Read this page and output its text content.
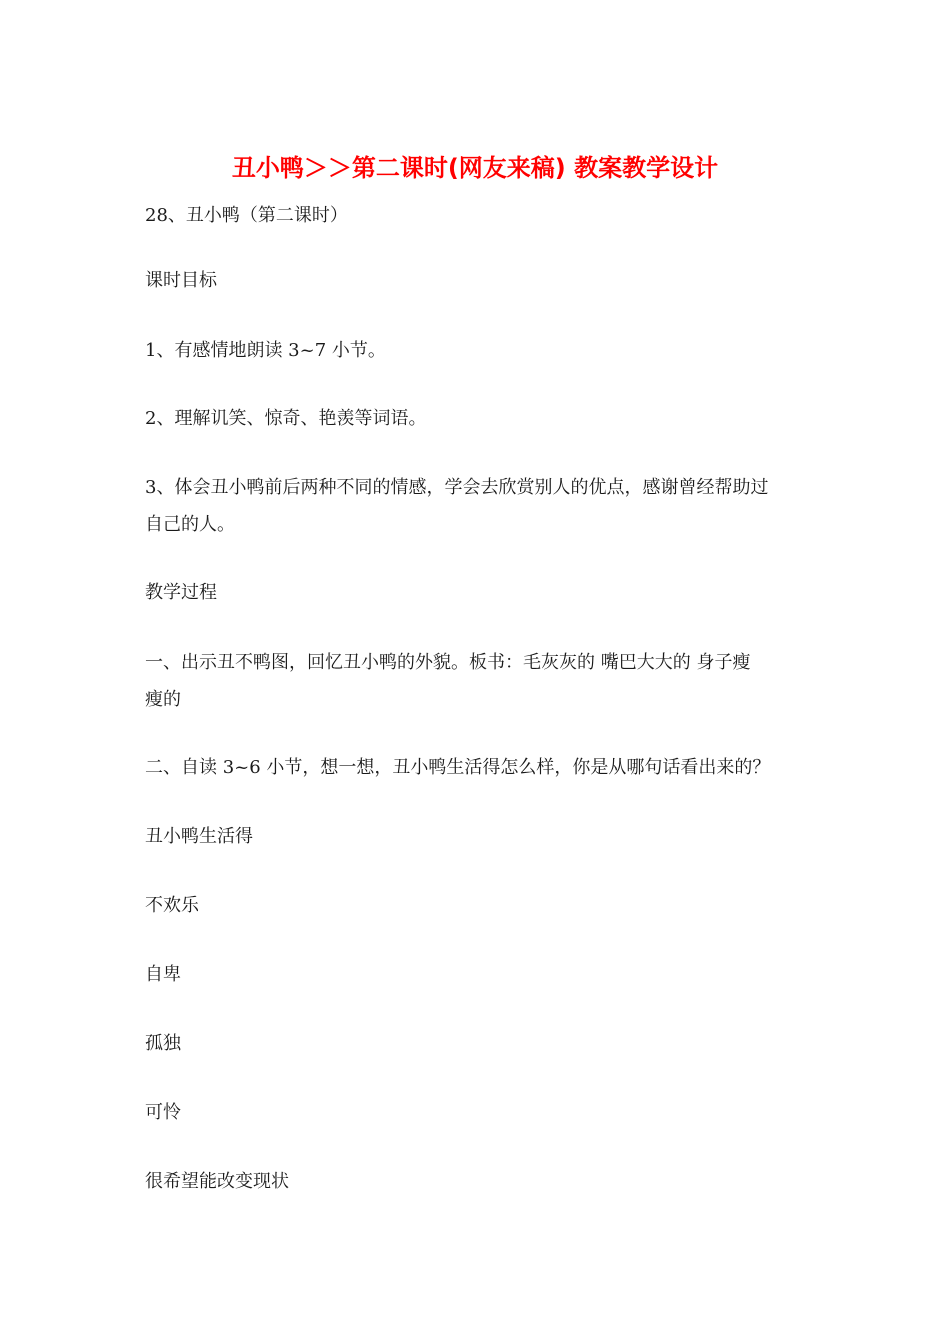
丑小鸭＞＞第二课时(网友来稿) 教案教学设计
28、丑小鸭（第二课时）
课时目标
1、有感情地朗读 3~7 小节。
2、理解讥笑、惊奇、艳羡等词语。
3、体会丑小鸭前后两种不同的情感，学会去欣赏别人的优点，感谢曾经帮助过
自己的人。
教学过程
一、出示丑不鸭图，回忆丑小鸭的外貌。板书：毛灰灰的 嘴巴大大的 身子瘦
瘦的
二、自读 3~6 小节，想一想，丑小鸭生活得怎么样，你是从哪句话看出来的？
丑小鸭生活得
不欢乐
自卑
孤独
可怜
很希望能改变现状
